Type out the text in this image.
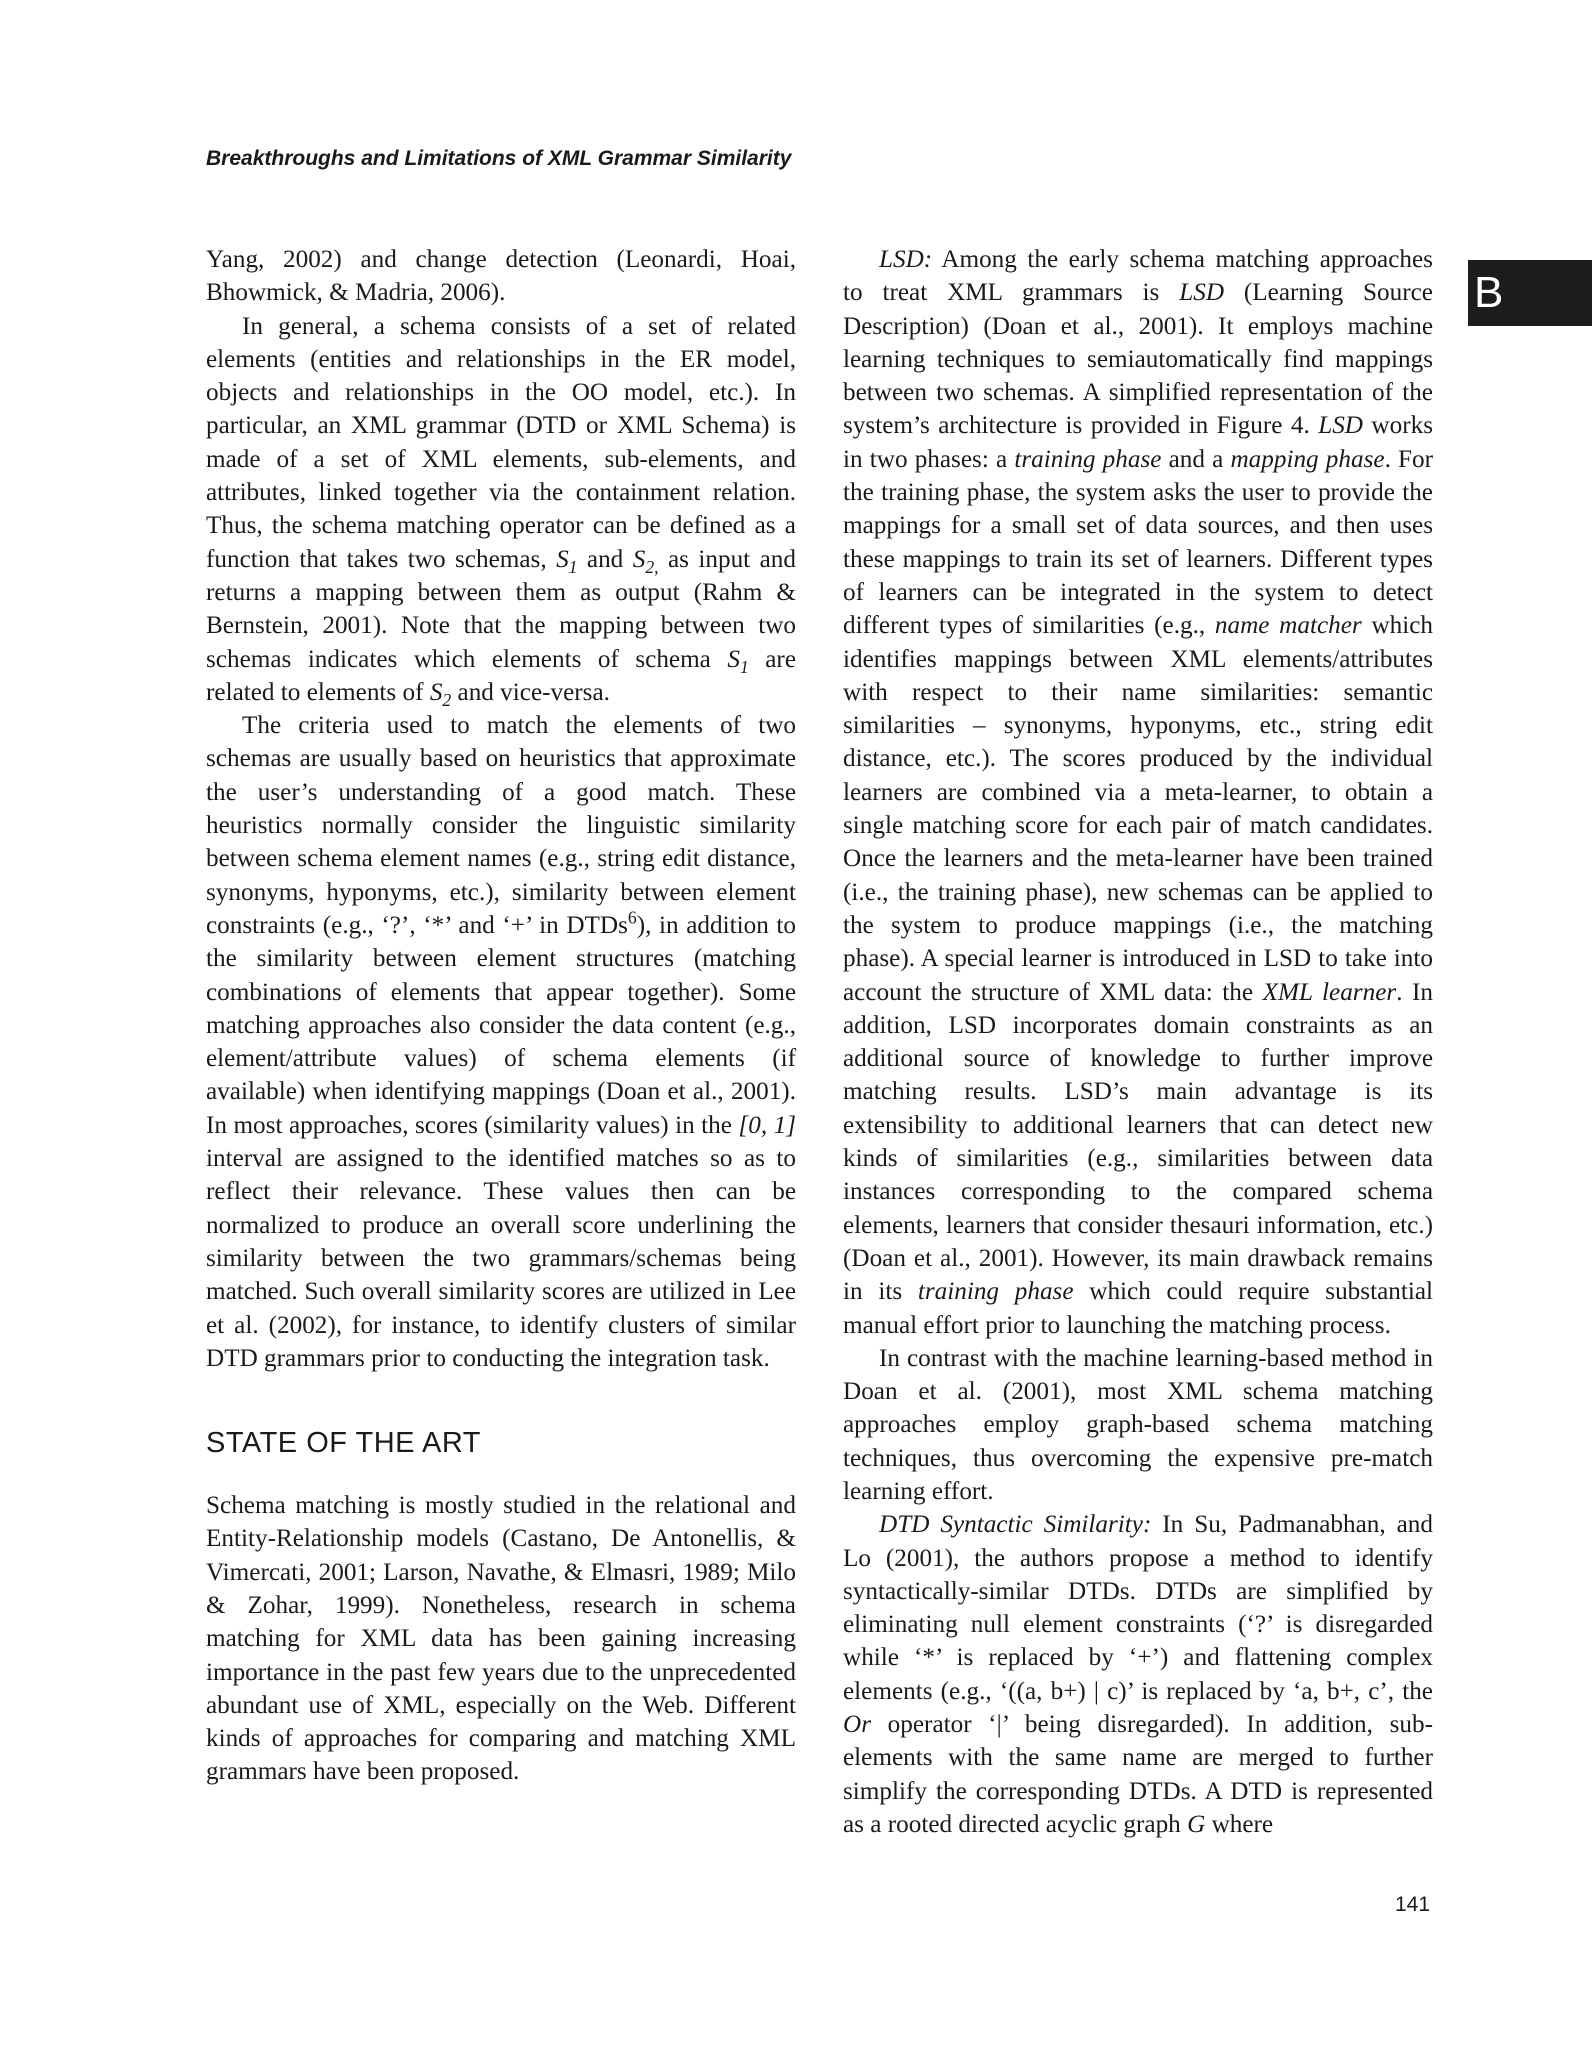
Breakthroughs and Limitations of XML Grammar Similarity
B

Yang, 2002) and change detection (Leonardi, Hoai, Bhowmick, & Madria, 2006).

In general, a schema consists of a set of related elements (entities and relationships in the ER model, objects and relationships in the OO model, etc.). In particular, an XML grammar (DTD or XML Schema) is made of a set of XML elements, sub-elements, and attributes, linked together via the containment relation. Thus, the schema matching operator can be defined as a function that takes two schemas, $S_1$ and $S_{2,}$ as input and returns a mapping between them as output (Rahm & Bernstein, 2001). Note that the mapping between two schemas indicates which elements of schema $S_1$ are related to elements of $S_2$ and vice-versa.

The criteria used to match the elements of two schemas are usually based on heuristics that approximate the user’s understanding of a good match. These heuristics normally consider the linguistic similarity between schema element names (e.g., string edit distance, synonyms, hyponyms, etc.), similarity between element constraints (e.g., ‘?’, ‘*’ and ‘+’ in DTDs$^6$), in addition to the similarity between element structures (matching combinations of elements that appear together). Some matching approaches also consider the data content (e.g., element/attribute values) of schema elements (if available) when identifying mappings (Doan et al., 2001). In most approaches, scores (similarity values) in the [0, 1] interval are assigned to the identified matches so as to reflect their relevance. These values then can be normalized to produce an overall score underlining the similarity between the two grammars/schemas being matched. Such overall similarity scores are utilized in Lee et al. (2002), for instance, to identify clusters of similar DTD grammars prior to conducting the integration task.

STATE OF THE ART

Schema matching is mostly studied in the relational and Entity-Relationship models (Castano, De Antonellis, & Vimercati, 2001; Larson, Navathe, & Elmasri, 1989; Milo & Zohar, 1999). Nonetheless, research in schema matching for XML data has been gaining increasing importance in the past few years due to the unprecedented abundant use of XML, especially on the Web. Different kinds of approaches for comparing and matching XML grammars have been proposed.

LSD: Among the early schema matching approaches to treat XML grammars is LSD (Learning Source Description) (Doan et al., 2001). It employs machine learning techniques to semiautomatically find mappings between two schemas. A simplified representation of the system’s architecture is provided in Figure 4. LSD works in two phases: a training phase and a mapping phase. For the training phase, the system asks the user to provide the mappings for a small set of data sources, and then uses these mappings to train its set of learners. Different types of learners can be integrated in the system to detect different types of similarities (e.g., name matcher which identifies mappings between XML elements/attributes with respect to their name similarities: semantic similarities – synonyms, hyponyms, etc., string edit distance, etc.). The scores produced by the individual learners are combined via a meta-learner, to obtain a single matching score for each pair of match candidates. Once the learners and the meta-learner have been trained (i.e., the training phase), new schemas can be applied to the system to produce mappings (i.e., the matching phase). A special learner is introduced in LSD to take into account the structure of XML data: the XML learner. In addition, LSD incorporates domain constraints as an additional source of knowledge to further improve matching results. LSD’s main advantage is its extensibility to additional learners that can detect new kinds of similarities (e.g., similarities between data instances corresponding to the compared schema elements, learners that consider thesauri information, etc.) (Doan et al., 2001). However, its main drawback remains in its training phase which could require substantial manual effort prior to launching the matching process.

In contrast with the machine learning-based method in Doan et al. (2001), most XML schema matching approaches employ graph-based schema matching techniques, thus overcoming the expensive pre-match learning effort.

DTD Syntactic Similarity: In Su, Padmanabhan, and Lo (2001), the authors propose a method to identify syntactically-similar DTDs. DTDs are simplified by eliminating null element constraints (‘?’ is disregarded while ‘*’ is replaced by ‘+’) and flattening complex elements (e.g., ‘((a, b+) | c)’ is replaced by ‘a, b+, c’, the Or operator ‘|’ being disregarded). In addition, sub-elements with the same name are merged to further simplify the corresponding DTDs. A DTD is represented as a rooted directed acyclic graph G where

141
